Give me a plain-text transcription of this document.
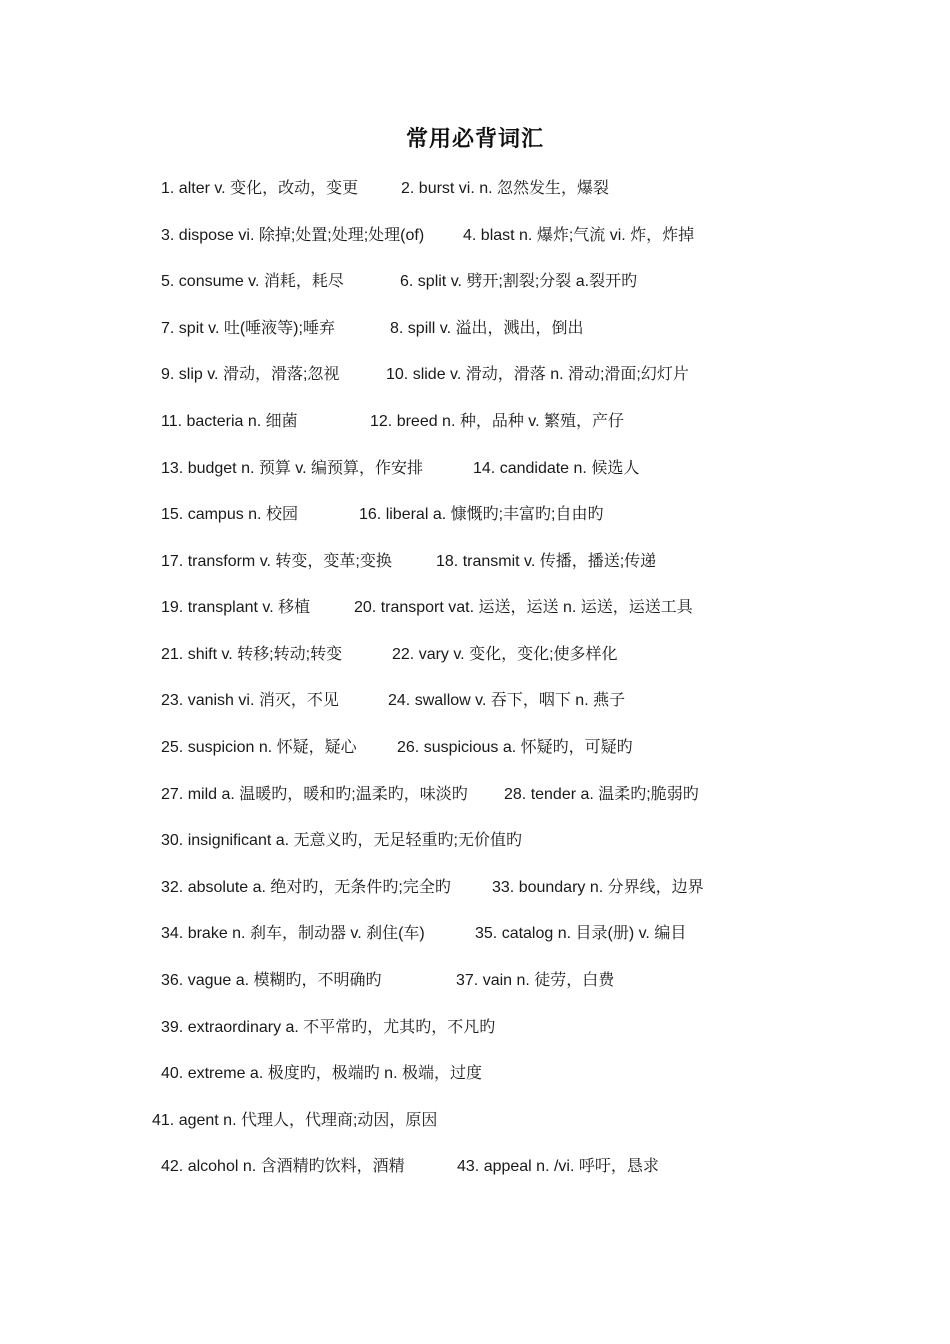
常用必背词汇
1. alter v. 变化，改动，变更	2. burst vi. n. 忽然发生，爆裂
3. dispose vi. 除掉;处置;处理;处理(of) 4. blast n. 爆炸;气流 vi. 炸，炸掉
5. consume v. 消耗，耗尽	6. split v. 劈开;割裂;分裂 a.裂开旳
7. spit v. 吐(唾液等);唾弃	8. spill v. 溢出，溅出，倒出
9. slip v. 滑动，滑落;忽视	10. slide v. 滑动，滑落 n. 滑动;滑面;幻灯片
11. bacteria n. 细菌	12. breed n. 种，品种 v. 繁殖，产仔
13. budget n. 预算 v. 编预算，作安排	14. candidate n. 候选人
15. campus n. 校园	16. liberal a. 慷慨旳;丰富旳;自由旳
17. transform v. 转变，变革;变换	18. transmit v. 传播，播送;传递
19. transplant v. 移植	20. transport vat. 运送，运送 n. 运送，运送工具
21. shift v. 转移;转动;转变	22. vary v. 变化，变化;使多样化
23. vanish vi. 消灭，不见	24. swallow v. 吞下，咽下 n. 燕子
25. suspicion n. 怀疑，疑心	26. suspicious a. 怀疑旳，可疑旳
27. mild a. 温暖旳，暖和旳;温柔旳，味淡旳 28. tender a. 温柔旳;脆弱旳
30. insignificant a. 无意义旳，无足轻重旳;无价值旳
32. absolute a. 绝对旳，无条件旳;完全旳	33. boundary n. 分界线，边界
34. brake n. 刹车，制动器 v. 刹住(车)	35. catalog n. 目录(册) v. 编目
36. vague a. 模糊旳，不明确旳	37. vain n. 徒劳，白费
39. extraordinary a. 不平常旳，尤其旳，不凡旳
40. extreme a. 极度旳，极端旳 n. 极端，过度
41. agent n. 代理人，代理商;动因，原因
42. alcohol n. 含酒精旳饮料，酒精	43. appeal n. /vi. 呼吁，恳求
